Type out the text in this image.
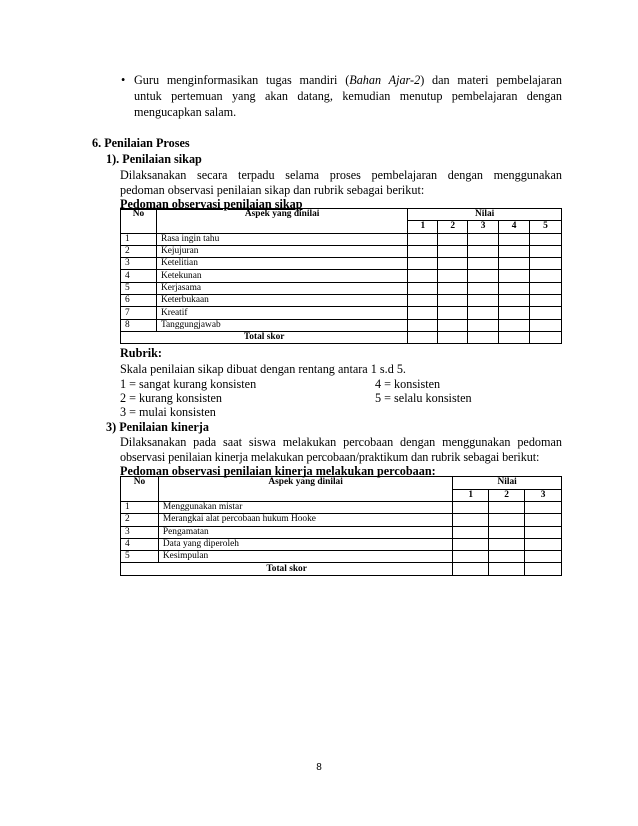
• Guru menginformasikan tugas mandiri (Bahan Ajar-2) dan materi pembelajaran
untuk pertemuan yang akan datang, kemudian menutup pembelajaran dengan
mengucapkan salam.
6. Penilaian Proses
1). Penilaian sikap
Dilaksanakan secara terpadu selama proses pembelajaran dengan menggunakan
pedoman observasi penilaian sikap dan rubrik sebagai berikut:
Pedoman observasi penilaian sikap
No	Aspek yang dinilai	Nilai				
		1	2	3	4	5
1	Rasa ingin tahu					
2	Kejujuran					
3	Ketelitian					
4	Ketekunan					
5	Kerjasama					
6	Keterbukaan					
7	Kreatif					
8	Tanggungjawab					
Total skor						
Rubrik:
Skala penilaian sikap dibuat dengan rentang antara 1 s.d 5.
1 = sangat kurang konsisten	4 = konsisten
2 = kurang konsisten	5 = selalu konsisten
3 = mulai konsisten
3) Penilaian kinerja
Dilaksanakan pada saat siswa melakukan percobaan dengan menggunakan pedoman
observasi penilaian kinerja melakukan percobaan/praktikum dan rubrik sebagai berikut:
Pedoman observasi penilaian kinerja melakukan percobaan:
No	Aspek yang dinilai	Nilai		
		1	2	3
1	Menggunakan mistar			
2	Merangkai alat percobaan hukum Hooke			
3	Pengamatan			
4	Data yang diperoleh			
5	Kesimpulan			
Total skor				
8
